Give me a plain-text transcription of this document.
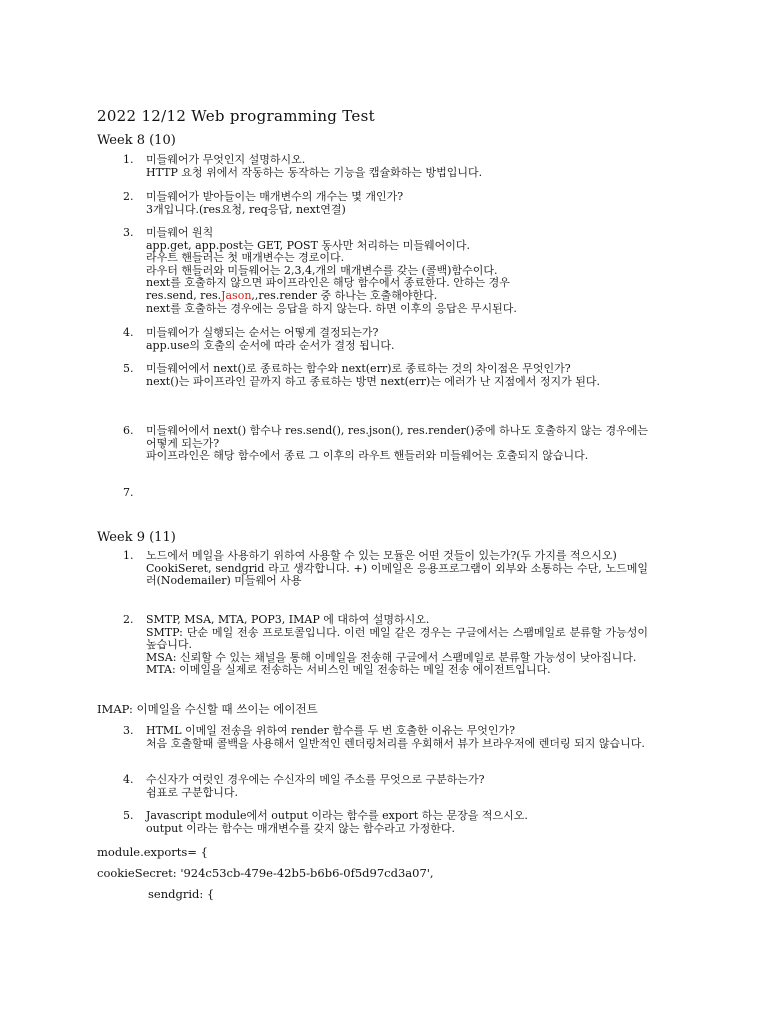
2022 12/12 Web programming Test
Week 8 (10)
1.	미들웨어가 무엇인지 설명하시오.
HTTP 요청 위에서 작동하는 동작하는 기능을 캡슐화하는 방법입니다.
2.	미들웨어가 받아들이는 매개변수의 개수는 몇 개인가?
3개입니다.(res요청, req응답, next연결)
3.	미들웨어 원칙
app.get, app.post는 GET, POST 동사만 처리하는 미들웨어이다.
라우트 핸들러는 첫 매개변수는 경로이다.
라우터 핸들러와 미들웨어는 2,3,4,개의 매개변수를 갖는 (콜백)함수이다.
next를 호출하지 않으면 파이프라인은 해당 함수에서 종료한다. 안하는 경우
res.send, res.Jason,,res.render 중 하나는 호출해야한다.
next를 호출하는 경우에는 응답을 하지 않는다. 하면 이후의 응답은 무시된다.
4.	미들웨어가 실행되는 순서는 어떻게 결정되는가?
app.use의 호출의 순서에 따라 순서가 결정 됩니다.
5.	미들웨어에서 next()로 종료하는 함수와 next(err)로 종료하는 것의 차이점은 무엇인가?
next()는 파이프라인 끝까지 하고 종료하는 방면 next(err)는 에러가 난 지점에서 정지가 된다.
6.	미들웨어에서 next() 함수나 res.send(), res.json(), res.render()중에 하나도 호출하지 않는 경우에는 어떻게 되는가?
파이프라인은 해당 함수에서 종료 그 이후의 라우트 핸들러와 미들웨어는 호출되지 않습니다.
7.
Week 9 (11)
1.	노드에서 메일을 사용하기 위하여 사용할 수 있는 모듈은 어떤 것들이 있는가?(두 가지를 적으시오)
CookiSeret, sendgrid 라고 생각합니다. +) 이메일은 응용프로그램이 외부와 소통하는 수단, 노드메일러(Nodemailer) 미들웨어 사용
2.	SMTP, MSA, MTA, POP3, IMAP 에 대하여 설명하시오.
SMTP: 단순 메일 전송 프로토콜입니다. 이런 메일 같은 경우는 구글에서는 스팸메일로 분류할 가능성이 높습니다.
MSA: 신뢰할 수 있는 채널을 통해 이메일을 전송해 구글에서 스팸메일로 분류할 가능성이 낮아집니다.
MTA: 이메일을 실제로 전송하는 서비스인 메일 전송하는 메일 전송 에이전트입니다.
IMAP: 이메일을 수신할 때 쓰이는 에이전트
3.	HTML 이메일 전송을 위하여 render 함수를 두 번 호출한 이유는 무엇인가?
처음 호출할때 콜백을 사용해서 일반적인 렌더링처리를 우회해서 뷰가 브라우저에 렌더링 되지 않습니다.
4.	수신자가 여럿인 경우에는 수신자의 메일 주소를 무엇으로 구분하는가?
쉼표로 구분합니다.
5.	Javascript module에서 output 이라는 함수를 export 하는 문장을 적으시오.
output 이라는 함수는 매개변수를 갖지 않는 함수라고 가정한다.
module.exports= {
cookieSecret: '924c53cb-479e-42b5-b6b6-0f5d97cd3a07',
sendgrid: {
